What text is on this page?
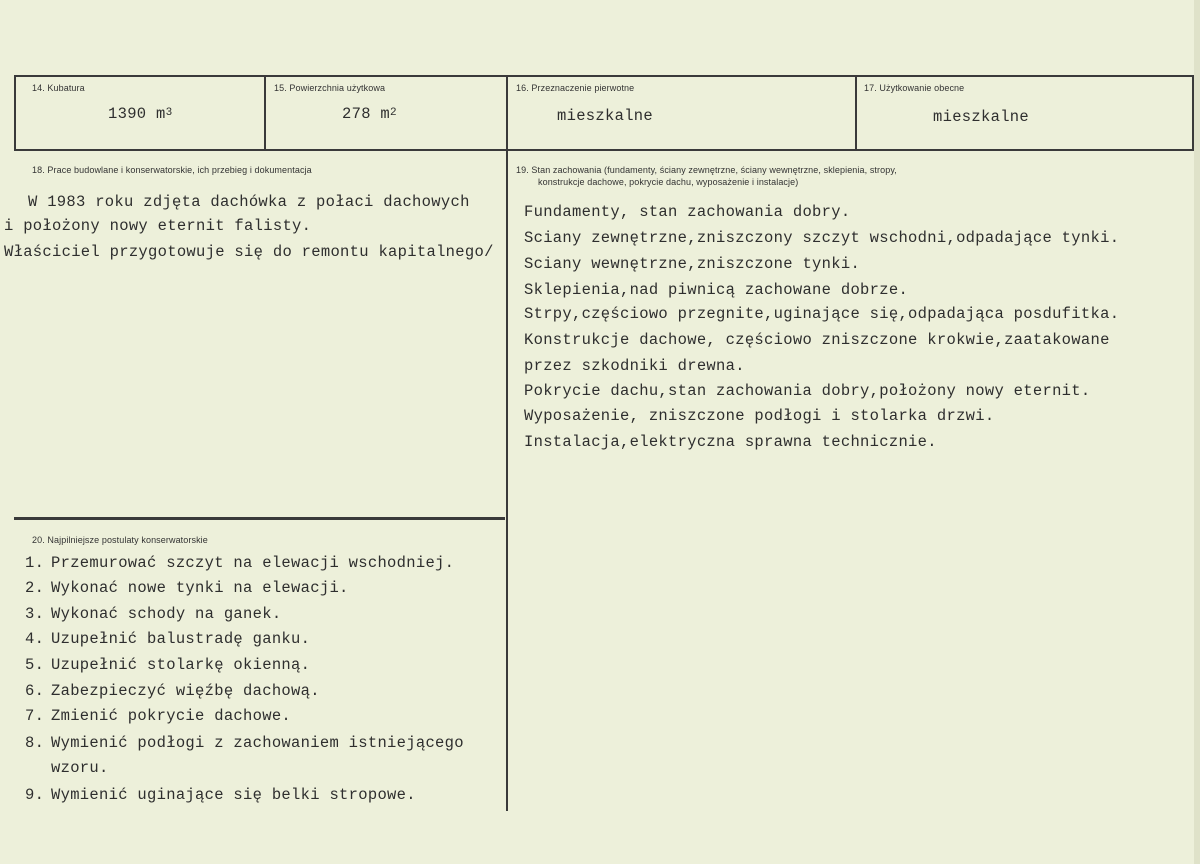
14. Kubatura
1390 $m^3$
15. Powierzchnia użytkowa
278 $m^2$
16. Przeznaczenie pierwotne
mieszkalne
17. Użytkowanie obecne
mieszkalne
18. Prace budowlane i konserwatorskie, ich przebieg i dokumentacja
W 1983 roku zdjęta dachówka z połaci dachowych
i położony nowy eternit falisty.
Właściciel przygotowuje się do remontu kapitalnego/
19. Stan zachowania (fundamenty, ściany zewnętrzne, ściany wewnętrzne, sklepienia, stropy,
konstrukcje dachowe, pokrycie dachu, wyposażenie i instalacje)
Fundamenty, stan zachowania dobry.
Sciany zewnętrzne,zniszczony szczyt wschodni,odpadające tynki.
Sciany wewnętrzne,zniszczone tynki.
Sklepienia,nad piwnicą zachowane dobrze.
Strpy,częściowo przegnite,uginające się,odpadająca posdufitka.
Konstrukcje dachowe, częściowo zniszczone krokwie,zaatakowane
przez szkodniki drewna.
Pokrycie dachu,stan zachowania dobry,położony nowy eternit.
Wyposażenie, zniszczone podłogi i stolarka drzwi.
Instalacja,elektryczna sprawna technicznie.
20. Najpilniejsze postulaty konserwatorskie
1. Przemurować szczyt na elewacji wschodniej.
2. Wykonać nowe tynki na elewacji.
3. Wykonać schody na ganek.
4. Uzupełnić balustradę ganku.
5. Uzupełnić stolarkę okienną.
6. Zabezpieczyć więźbę dachową.
7. Zmienić pokrycie dachowe.
8. Wymienić podłogi z zachowaniem istniejącego
wzoru.
9. Wymienić uginające się belki stropowe.
